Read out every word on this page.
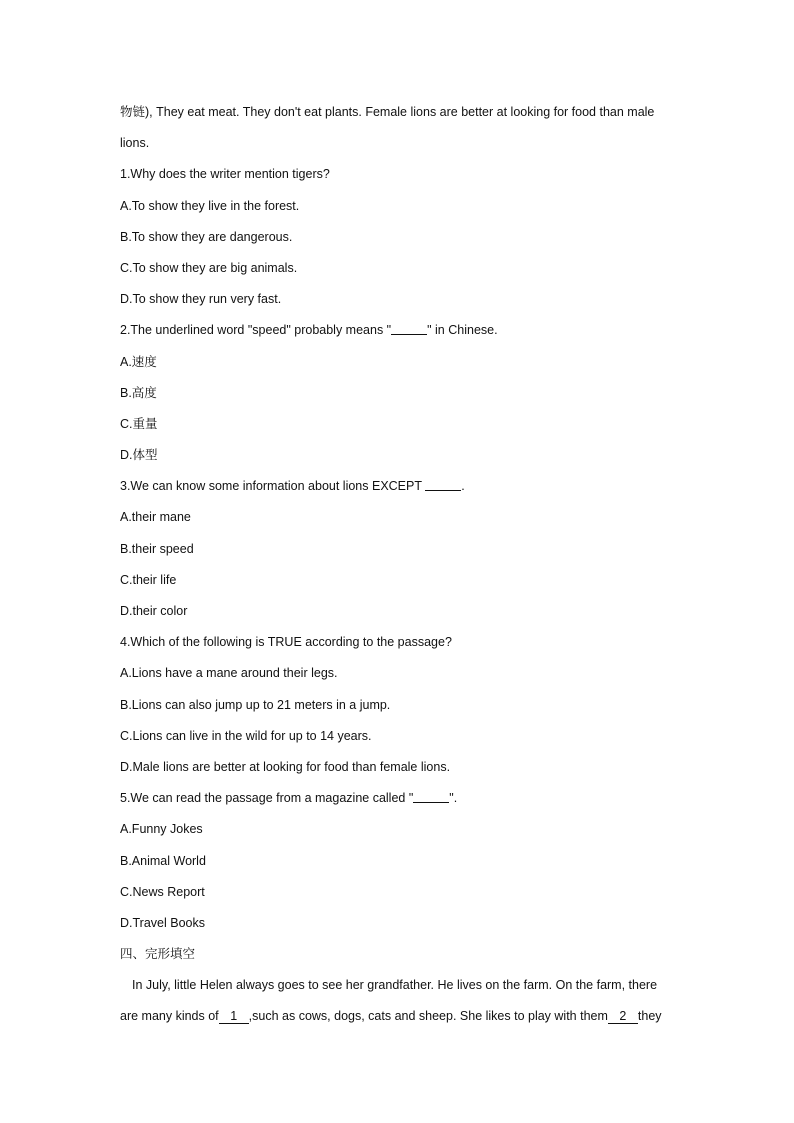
物链), They eat meat. They don't eat plants. Female lions are better at looking for food than male
lions.
1.Why does the writer mention tigers?
A.To show they live in the forest.
B.To show they are dangerous.
C.To show they are big animals.
D.To show they run very fast.
2.The underlined word "speed" probably means "	" in Chinese.
A.速度
B.高度
C.重量
D.体型
3.We can know some information about lions EXCEPT	.
A.their mane
B.their speed
C.their life
D.their color
4.Which of the following is TRUE according to the passage?
A.Lions have a mane around their legs.
B.Lions can also jump up to 21 meters in a jump.
C.Lions can live in the wild for up to 14 years.
D.Male lions are better at looking for food than female lions.
5.We can read the passage from a magazine called "	".
A.Funny Jokes
B.Animal World
C.News Report
D.Travel Books
四、完形填空
In July, little Helen always goes to see her grandfather. He lives on the farm. On the farm, there
are many kinds of 1 ,such as cows, dogs, cats and sheep. She likes to play with them 2 they
